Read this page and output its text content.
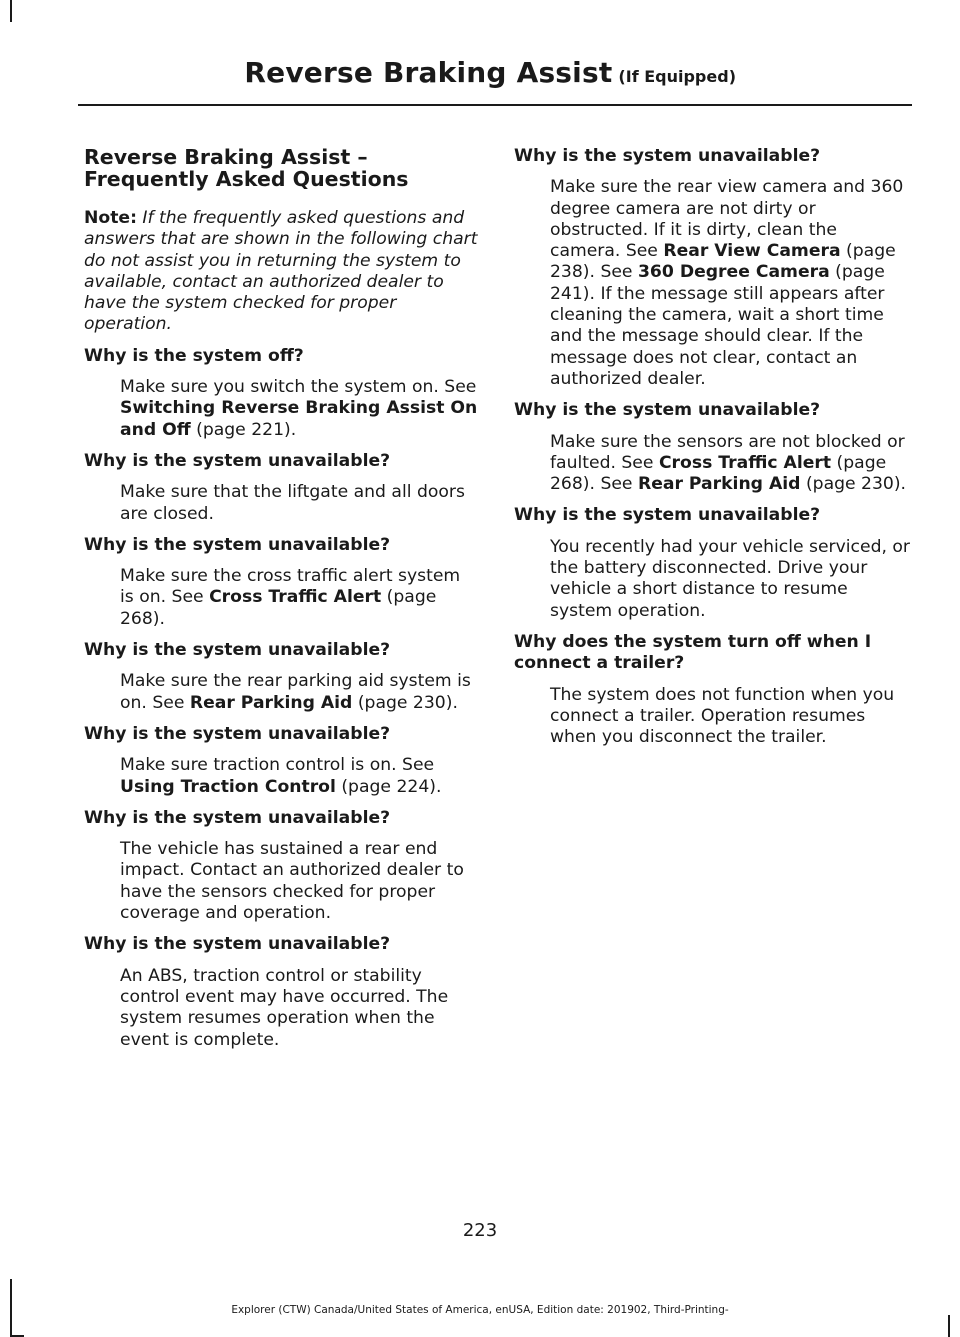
Reverse Braking Assist (If Equipped)
Reverse Braking Assist –
Frequently Asked Questions
Note: If the frequently asked questions and answers that are shown in the following chart do not assist you in returning the system to available, contact an authorized dealer to have the system checked for proper operation.
Why is the system off?
Make sure you switch the system on. See Switching Reverse Braking Assist On and Off (page 221).
Why is the system unavailable?
Make sure that the liftgate and all doors are closed.
Why is the system unavailable?
Make sure the cross traffic alert system is on. See Cross Traffic Alert (page 268).
Why is the system unavailable?
Make sure the rear parking aid system is on. See Rear Parking Aid (page 230).
Why is the system unavailable?
Make sure traction control is on. See Using Traction Control (page 224).
Why is the system unavailable?
The vehicle has sustained a rear end impact. Contact an authorized dealer to have the sensors checked for proper coverage and operation.
Why is the system unavailable?
An ABS, traction control or stability control event may have occurred. The system resumes operation when the event is complete.
Why is the system unavailable?
Make sure the rear view camera and 360 degree camera are not dirty or obstructed. If it is dirty, clean the camera. See Rear View Camera (page 238). See 360 Degree Camera (page 241). If the message still appears after cleaning the camera, wait a short time and the message should clear. If the message does not clear, contact an authorized dealer.
Why is the system unavailable?
Make sure the sensors are not blocked or faulted. See Cross Traffic Alert (page 268). See Rear Parking Aid (page 230).
Why is the system unavailable?
You recently had your vehicle serviced, or the battery disconnected. Drive your vehicle a short distance to resume system operation.
Why does the system turn off when I connect a trailer?
The system does not function when you connect a trailer. Operation resumes when you disconnect the trailer.
223
Explorer (CTW) Canada/United States of America, enUSA, Edition date: 201902, Third-Printing-
